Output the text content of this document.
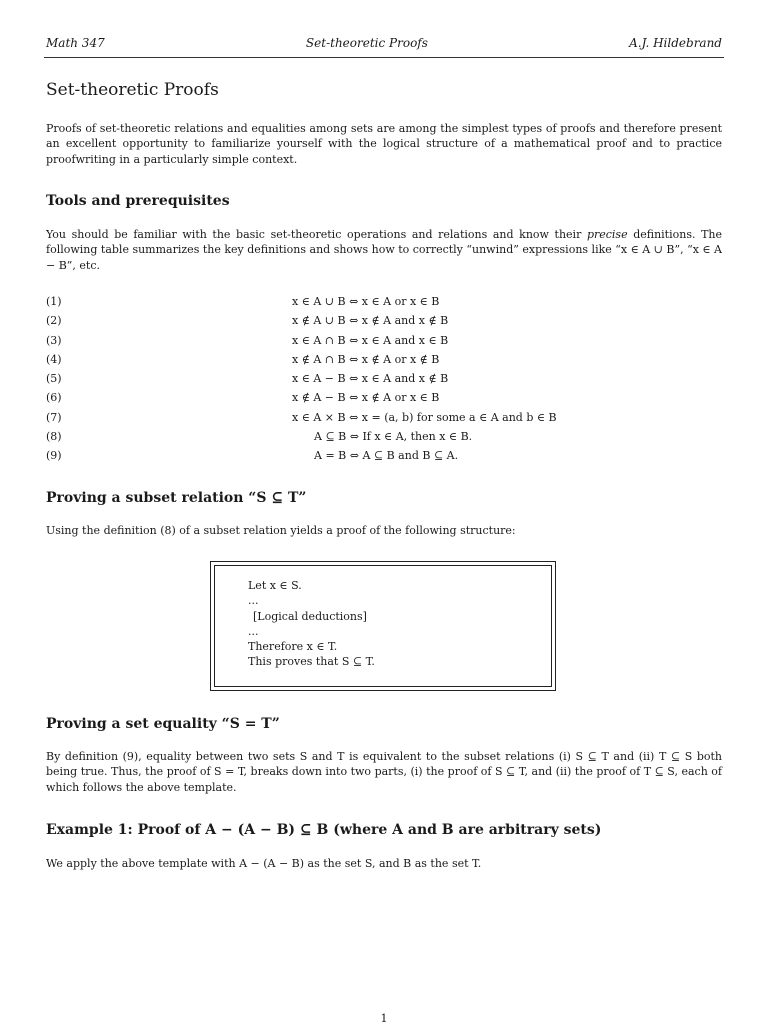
Math 347	Set-theoretic Proofs	A.J. Hildebrand
Set-theoretic Proofs

Proofs of set-theoretic relations and equalities among sets are among the simplest types of proofs and therefore present an excellent opportunity to familiarize yourself with the logical structure of a mathematical proof and to practice proofwriting in a particularly simple context.

Tools and prerequisites

You should be familiar with the basic set-theoretic operations and relations and know their precise definitions. The following table summarizes the key definitions and shows how to correctly “unwind” expressions like “x ∈ A ∪ B”, “x ∈ A − B”, etc.

(1)	x ∈ A ∪ B ⇔ x ∈ A or x ∈ B
(2)	x ∉ A ∪ B ⇔ x ∉ A and x ∉ B
(3)	x ∈ A ∩ B ⇔ x ∈ A and x ∈ B
(4)	x ∉ A ∩ B ⇔ x ∉ A or x ∉ B
(5)	x ∈ A − B ⇔ x ∈ A and x ∉ B
(6)	x ∉ A − B ⇔ x ∉ A or x ∈ B
(7)	x ∈ A × B ⇔ x = (a, b) for some a ∈ A and b ∈ B
(8)	A ⊆ B ⇔ If x ∈ A, then x ∈ B.
(9)	A = B ⇔ A ⊆ B and B ⊆ A.
Proving a subset relation “S ⊆ T”

Using the definition (8) of a subset relation yields a proof of the following structure:

Let x ∈ S.
...
[Logical deductions]
...
Therefore x ∈ T.
This proves that S ⊆ T.
Proving a set equality “S = T”

By definition (9), equality between two sets S and T is equivalent to the subset relations (i) S ⊆ T and (ii) T ⊆ S both being true. Thus, the proof of S = T, breaks down into two parts, (i) the proof of S ⊆ T, and (ii) the proof of T ⊆ S, each of which follows the above template.

Example 1: Proof of A − (A − B) ⊆ B (where A and B are arbitrary sets)

We apply the above template with A − (A − B) as the set S, and B as the set T.

1
